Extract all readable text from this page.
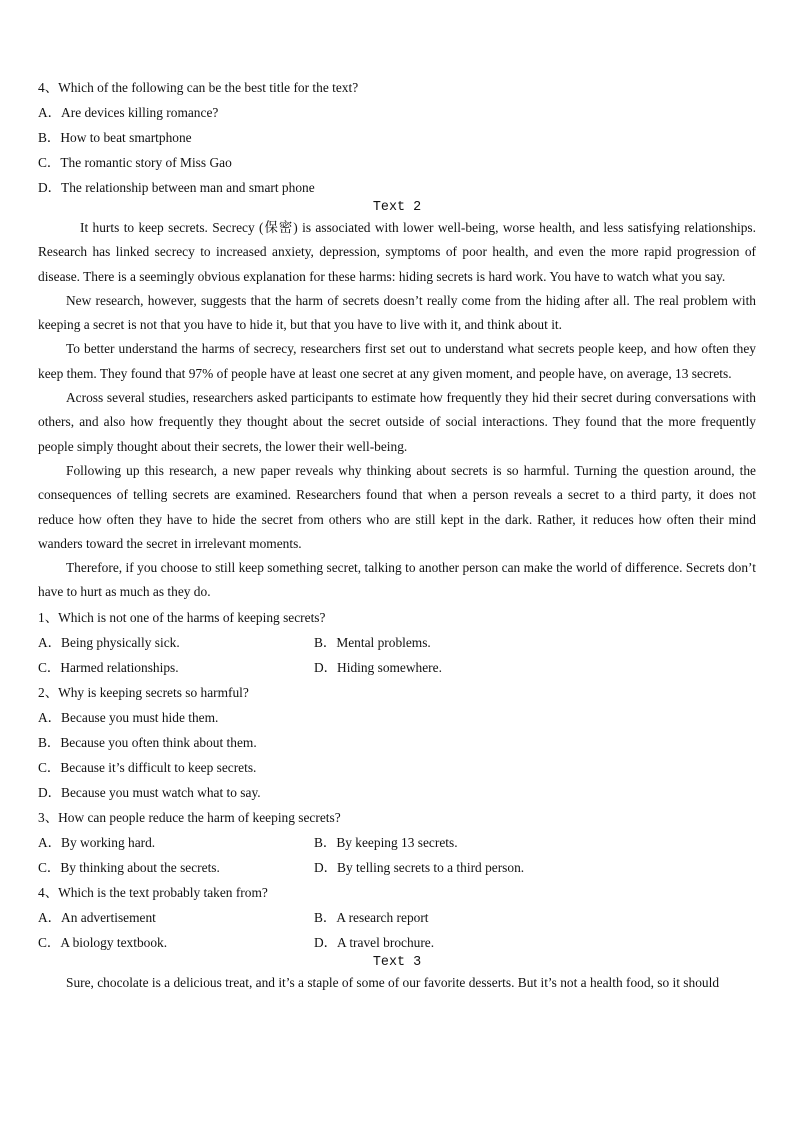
4、Which of the following can be the best title for the text?
A．Are devices killing romance?
B．How to beat smartphone
C．The romantic story of Miss Gao
D．The relationship between man and smart phone
Text 2

It hurts to keep secrets. Secrecy (保密) is associated with lower well-being, worse health, and less satisfying relationships. Research has linked secrecy to increased anxiety, depression, symptoms of poor health, and even the more rapid progression of disease. There is a seemingly obvious explanation for these harms: hiding secrets is hard work. You have to watch what you say.

New research, however, suggests that the harm of secrets doesn’t really come from the hiding after all. The real problem with keeping a secret is not that you have to hide it, but that you have to live with it, and think about it.

To better understand the harms of secrecy, researchers first set out to understand what secrets people keep, and how often they keep them. They found that 97% of people have at least one secret at any given moment, and people have, on average, 13 secrets.

Across several studies, researchers asked participants to estimate how frequently they hid their secret during conversations with others, and also how frequently they thought about the secret outside of social interactions. They found that the more frequently people simply thought about their secrets, the lower their well-being.

Following up this research, a new paper reveals why thinking about secrets is so harmful. Turning the question around, the consequences of telling secrets are examined. Researchers found that when a person reveals a secret to a third party, it does not reduce how often they have to hide the secret from others who are still kept in the dark. Rather, it reduces how often their mind wanders toward the secret in irrelevant moments.

Therefore, if you choose to still keep something secret, talking to another person can make the world of difference. Secrets don’t have to hurt as much as they do.

1、Which is not one of the harms of keeping secrets?
A．Being physically sick.	B．Mental problems.
C．Harmed relationships.	D．Hiding somewhere.
2、Why is keeping secrets so harmful?
A．Because you must hide them.
B．Because you often think about them.
C．Because it’s difficult to keep secrets.
D．Because you must watch what to say.
3、How can people reduce the harm of keeping secrets?
A．By working hard.	B．By keeping 13 secrets.
C．By thinking about the secrets.	D．By telling secrets to a third person.
4、Which is the text probably taken from?
A．An advertisement	B．A research report
C．A biology textbook.	D．A travel brochure.
Text 3

Sure, chocolate is a delicious treat, and it’s a staple of some of our favorite desserts. But it’s not a health food, so it should
